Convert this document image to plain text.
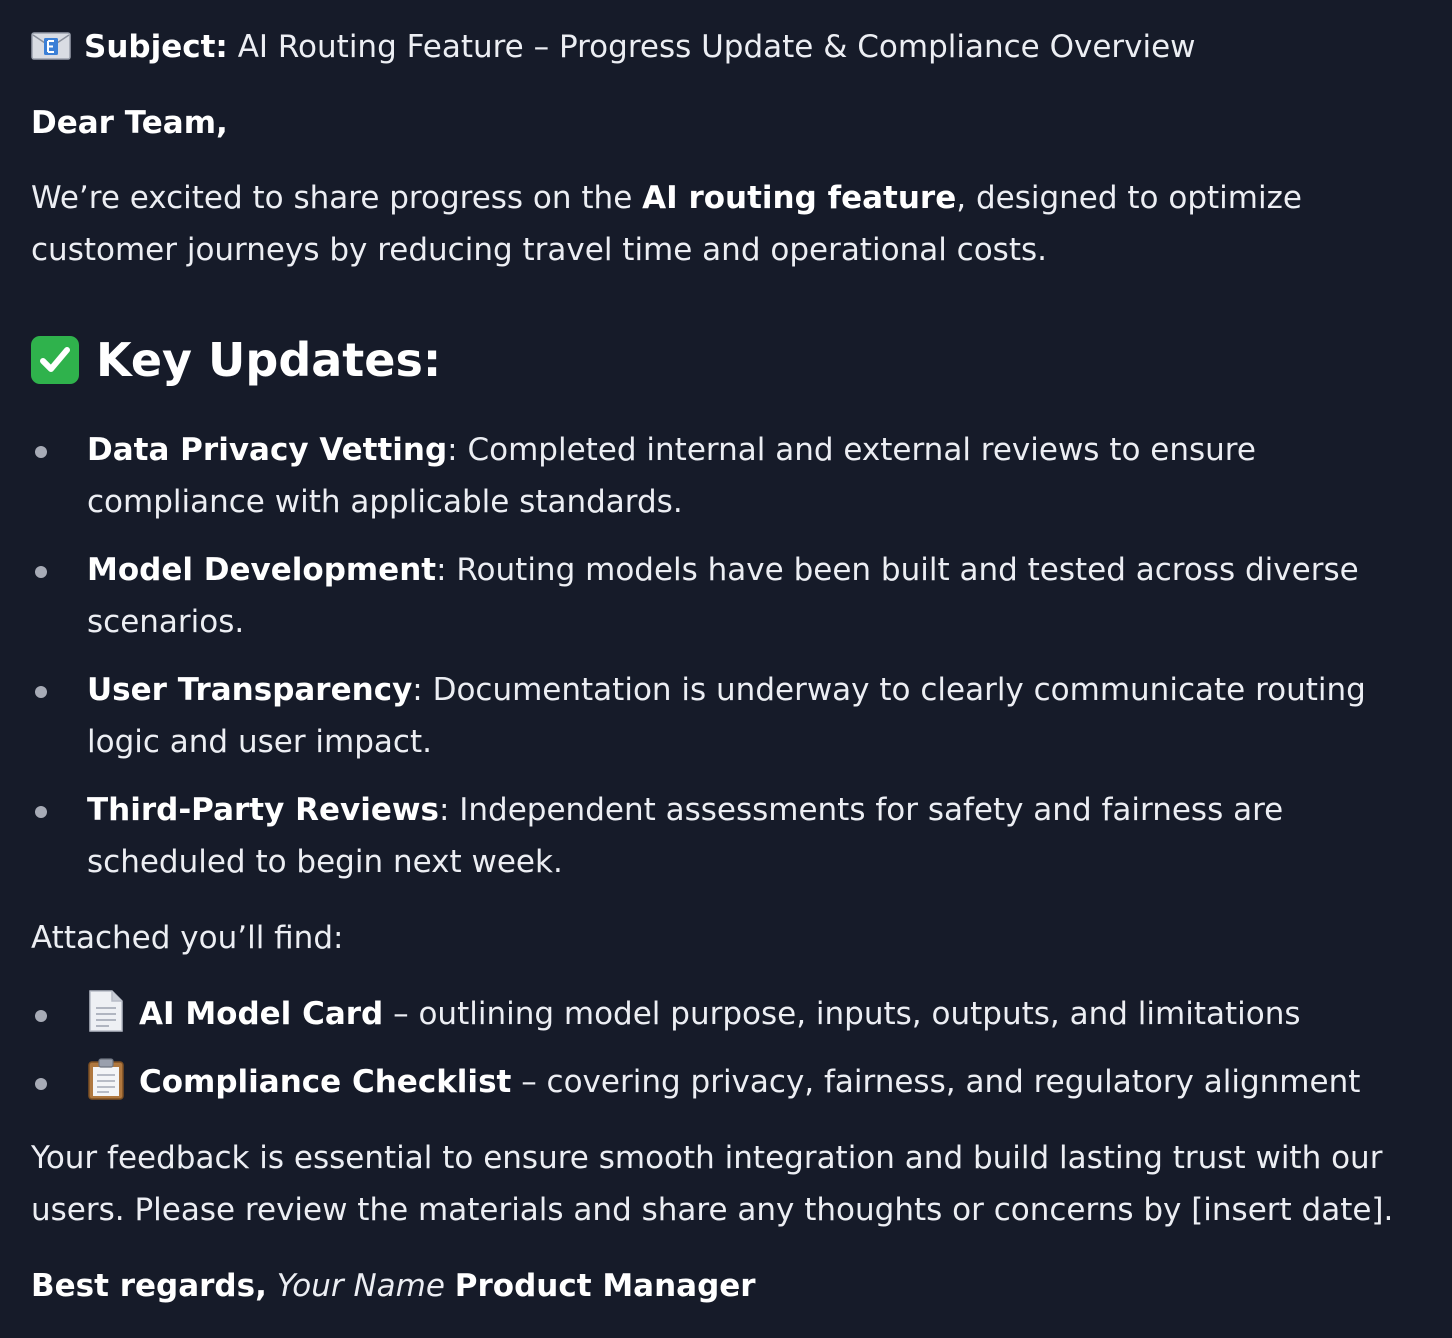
Subject: AI Routing Feature – Progress Update & Compliance Overview

Dear Team,

We’re excited to share progress on the AI routing feature, designed to optimize customer journeys by reducing travel time and operational costs.

Key Updates:
Data Privacy Vetting: Completed internal and external reviews to ensure compliance with applicable standards.
Model Development: Routing models have been built and tested across diverse scenarios.
User Transparency: Documentation is underway to clearly communicate routing logic and user impact.
Third-Party Reviews: Independent assessments for safety and fairness are scheduled to begin next week.

Attached you’ll find:

AI Model Card – outlining model purpose, inputs, outputs, and limitations
Compliance Checklist – covering privacy, fairness, and regulatory alignment

Your feedback is essential to ensure smooth integration and build lasting trust with our users. Please review the materials and share any thoughts or concerns by [insert date].

Best regards, Your Name Product Manager
